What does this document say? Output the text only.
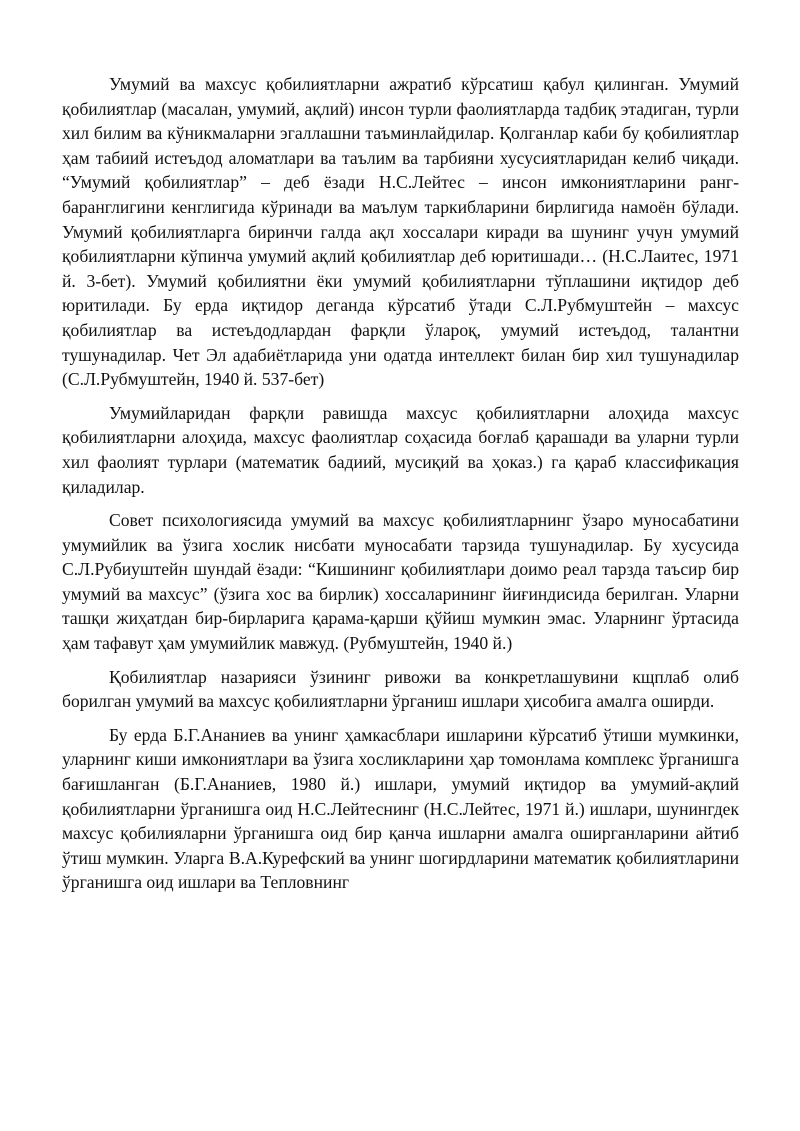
Умумий ва махсус қобилиятларни ажратиб кўрсатиш қабул қилинган. Умумий қобилиятлар (масалан, умумий, ақлий) инсон турли фаолиятларда тадбиқ этадиган, турли хил билим ва кўникмаларни эгаллашни таъминлайдилар. Қолганлар каби бу қобилиятлар ҳам табиий истеъдод аломатлари ва таълим ва тарбияни хусусиятларидан келиб чиқади. “Умумий қобилиятлар” – деб ёзади Н.С.Лейтес – инсон имкониятларини ранг-баранглигини кенглигида кўринади ва маълум таркибларини бирлигида намоён бўлади. Умумий қобилиятларга биринчи галда ақл хоссалари киради ва шунинг учун умумий қобилиятларни кўпинча умумий ақлий қобилиятлар деб юритишади… (Н.С.Лаитес, 1971 й. 3-бет). Умумий қобилиятни ёки умумий қобилиятларни тўплашини иқтидор деб юритилади. Бу ерда иқтидор деганда кўрсатиб ўтади С.Л.Рубмуштейн – махсус қобилиятлар ва истеъдодлардан фарқли ўлароқ, умумий истеъдод, талантни тушунадилар. Чет Эл адабиётларида уни одатда интеллект билан бир хил тушунадилар (С.Л.Рубмуштейн, 1940 й. 537-бет)

Умумийларидан фарқли равишда махсус қобилиятларни алоҳида махсус қобилиятларни алоҳида, махсус фаолиятлар соҳасида боғлаб қарашади ва уларни турли хил фаолият турлари (математик бадиий, мусиқий ва ҳоказ.) га қараб классификация қиладилар.

Совет психологиясида умумий ва махсус қобилиятларнинг ўзаро муносабатини умумийлик ва ўзига хослик нисбати муносабати тарзида тушунадилар. Бу хусусида С.Л.Рубиуштейн шундай ёзади: “Кишининг қобилиятлари доимо реал тарзда таъсир бир умумий ва махсус” (ўзига хос ва бирлик) хоссаларининг йиғиндисида берилган. Уларни ташқи жиҳатдан бир-бирларига қарама-қарши қўйиш мумкин эмас. Уларнинг ўртасида ҳам тафавут ҳам умумийлик мавжуд. (Рубмуштейн, 1940 й.)

Қобилиятлар назарияси ўзининг ривожи ва конкретлашувини кщплаб олиб борилган умумий ва махсус қобилиятларни ўрганиш ишлари ҳисобига амалга оширди.

Бу ерда Б.Г.Ананиев ва унинг ҳамкасблари ишларини кўрсатиб ўтиши мумкинки, уларнинг киши имкониятлари ва ўзига хосликларини ҳар томонлама комплекс ўрганишга бағишланган (Б.Г.Ананиев, 1980 й.) ишлари, умумий иқтидор ва умумий-ақлий қобилиятларни ўрганишга оид Н.С.Лейтеснинг (Н.С.Лейтес, 1971 й.) ишлари, шунингдек махсус қобилияларни ўрганишга оид бир қанча ишларни амалга оширганларини айтиб ўтиш мумкин. Уларга В.А.Курефский ва унинг шогирдларини математик қобилиятларини ўрганишга оид ишлари ва Тепловнинг
